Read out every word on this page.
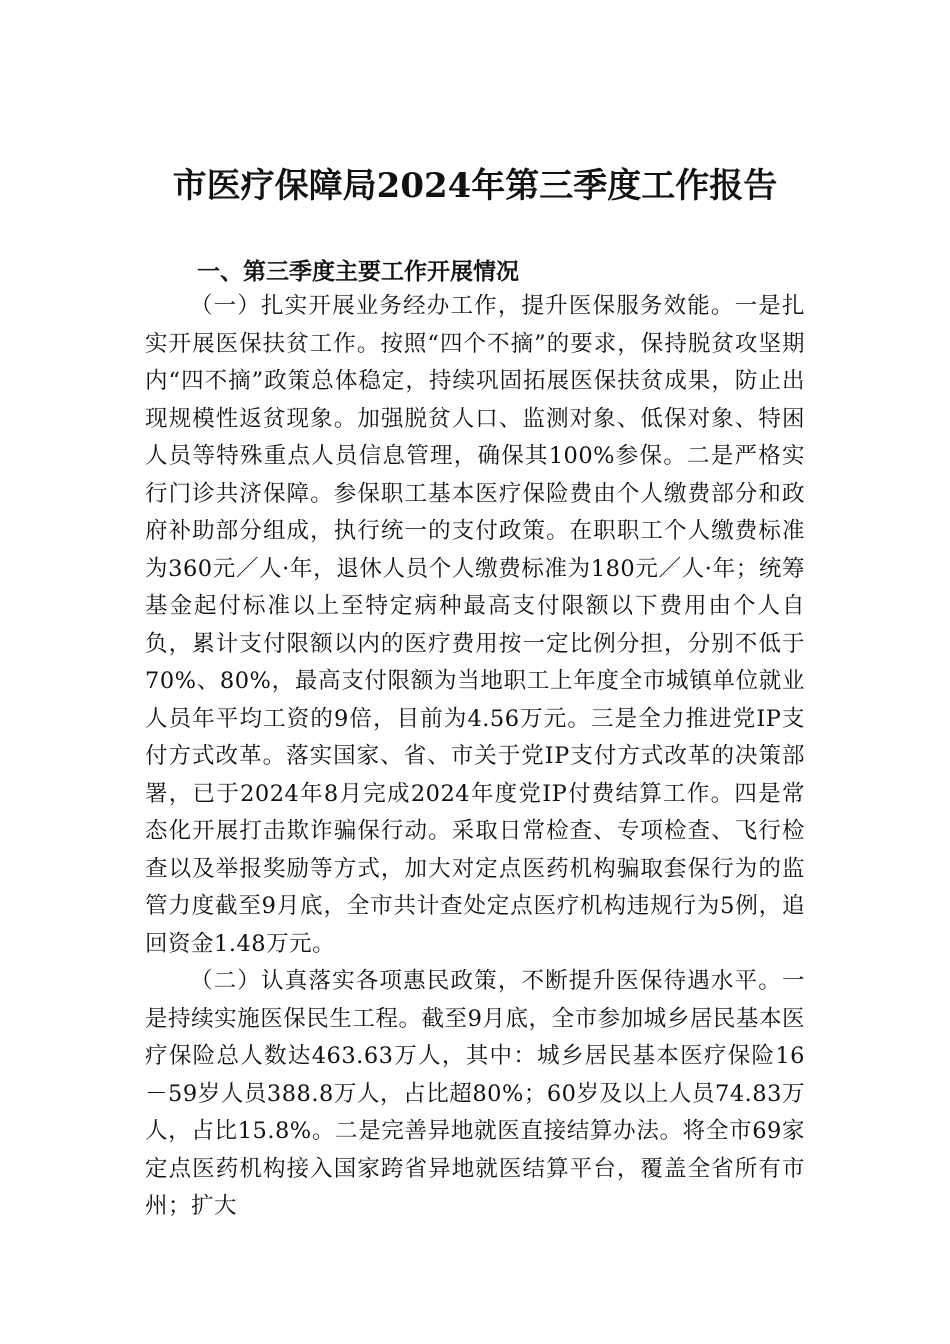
市医疗保障局2024年第三季度工作报告
一、第三季度主要工作开展情况

（一）扎实开展业务经办工作，提升医保服务效能。一是扎实开展医保扶贫工作。按照“四个不摘”的要求，保持脱贫攻坚期内“四不摘”政策总体稳定，持续巩固拓展医保扶贫成果，防止出现规模性返贫现象。加强脱贫人口、监测对象、低保对象、特困人员等特殊重点人员信息管理，确保其100%参保。二是严格实行门诊共济保障。参保职工基本医疗保险费由个人缴费部分和政府补助部分组成，执行统一的支付政策。在职职工个人缴费标准为360元／人·年，退休人员个人缴费标准为180元／人·年；统筹基金起付标准以上至特定病种最高支付限额以下费用由个人自负，累计支付限额以内的医疗费用按一定比例分担，分别不低于70%、80%，最高支付限额为当地职工上年度全市城镇单位就业人员年平均工资的9倍，目前为4.56万元。三是全力推进党IP支付方式改革。落实国家、省、市关于党IP支付方式改革的决策部署，已于2024年8月完成2024年度党IP付费结算工作。四是常态化开展打击欺诈骗保行动。采取日常检查、专项检查、飞行检查以及举报奖励等方式，加大对定点医药机构骗取套保行为的监管力度截至9月底，全市共计查处定点医疗机构违规行为5例，追回资金1.48万元。

（二）认真落实各项惠民政策，不断提升医保待遇水平。一是持续实施医保民生工程。截至9月底，全市参加城乡居民基本医疗保险总人数达463.63万人，其中：城乡居民基本医疗保险16－59岁人员388.8万人，占比超80%；60岁及以上人员74.83万人，占比15.8%。二是完善异地就医直接结算办法。将全市69家定点医药机构接入国家跨省异地就医结算平台，覆盖全省所有市州；扩大
